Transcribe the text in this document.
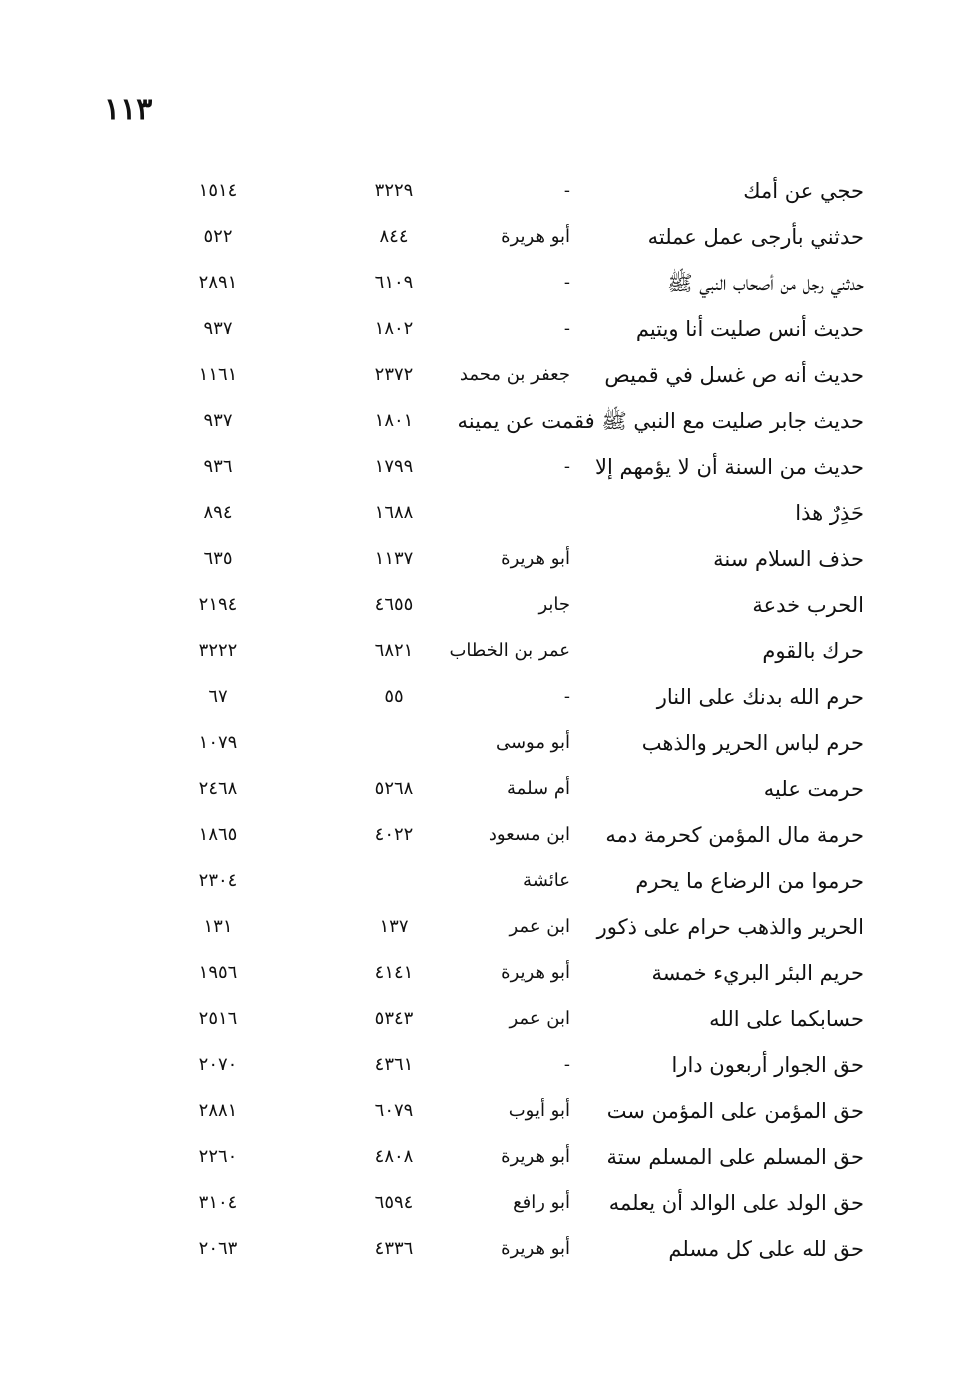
١١٣
حجي عن أمك
-
٣٢٢٩
١٥١٤
حدثني بأرجى عمل عملته
أبو هريرة
٨٤٤
٥٢٢
حدثني رجل من أصحاب النبي ﷺ
-
٦١٠٩
٢٨٩١
حديث أنس صليت أنا ويتيم
-
١٨٠٢
٩٣٧
حديث أنه ص غسل في قميص
جعفر بن محمد
٢٣٧٢
١١٦١
حديث جابر صليت مع النبي ﷺ فقمت عن يمينه
١٨٠١
٩٣٧
حديث من السنة أن لا يؤمهم إلا
-
١٧٩٩
٩٣٦
حَذِرٌ هذا
١٦٨٨
٨٩٤
حذف السلام سنة
أبو هريرة
١١٣٧
٦٣٥
الحرب خدعة
جابر
٤٦٥٥
٢١٩٤
حرك بالقوم
عمر بن الخطاب
٦٨٢١
٣٢٢٢
حرم الله بدنك على النار
-
٥٥
٦٧
حرم لباس الحرير والذهب
أبو موسى
١٠٧٩
حرمت عليه
أم سلمة
٥٢٦٨
٢٤٦٨
حرمة مال المؤمن كحرمة دمه
ابن مسعود
٤٠٢٢
١٨٦٥
حرموا من الرضاع ما يحرم
عائشة
٢٣٠٤
الحرير والذهب حرام على ذكور
ابن عمر
١٣٧
١٣١
حريم البئر البريء خمسة
أبو هريرة
٤١٤١
١٩٥٦
حسابكما على الله
ابن عمر
٥٣٤٣
٢٥١٦
حق الجوار أربعون دارا
-
٤٣٦١
٢٠٧٠
حق المؤمن على المؤمن ست
أبو أيوب
٦٠٧٩
٢٨٨١
حق المسلم على المسلم ستة
أبو هريرة
٤٨٠٨
٢٢٦٠
حق الولد على الوالد أن يعلمه
أبو رافع
٦٥٩٤
٣١٠٤
حق لله على كل مسلم
أبو هريرة
٤٣٣٦
٢٠٦٣
